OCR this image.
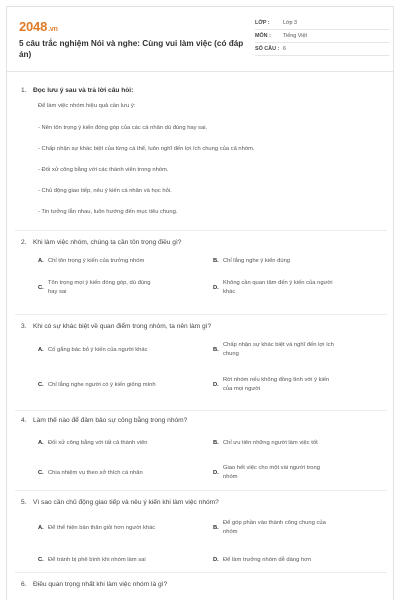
2048.vn
5 câu trắc nghiệm Nói và nghe: Cùng vui làm việc (có đáp án)
LỚP :	Lớp 3
MÔN :	Tiếng Việt
SỐ CÂU : 6
1. Đọc lưu ý sau và trả lời câu hỏi:
Để làm việc nhóm hiệu quả cần lưu ý:
- Nên tôn trọng ý kiến đóng góp của các cá nhân dù đúng hay sai.
- Chấp nhận sự khác biệt của từng cá thể, luôn nghĩ đến lợi ích chung của cả nhóm.
- Đối xử công bằng với các thành viên trong nhóm.
- Chủ động giao tiếp, nêu ý kiến cá nhân và học hỏi.
- Tin tưởng lẫn nhau, luôn hướng đến mục tiêu chung.
2. Khi làm việc nhóm, chúng ta cần tôn trọng điều gì?
A. Chỉ tôn trọng ý kiến của trưởng nhóm	B. Chỉ lắng nghe ý kiến đúng
C.
Tôn trọng mọi ý kiến đóng góp, dù đúng
hay sai
D.
Không cần quan tâm đến ý kiến của người
khác
3. Khi có sự khác biệt về quan điểm trong nhóm, ta nên làm gì?
A. Cố gắng bác bỏ ý kiến của người khác	B.
Chấp nhận sự khác biệt và nghĩ đến lợi ích
chung
C. Chỉ lắng nghe người có ý kiến giống mình	D.
Rời nhóm nếu không đồng tình với ý kiến
của mọi người
4. Làm thế nào để đảm bảo sự công bằng trong nhóm?
A. Đối xử công bằng với tất cả thành viên	B. Chỉ ưu tiên những người làm việc tốt
C. Chia nhiệm vụ theo sở thích cá nhân	D.
Giao hết việc cho một vài người trong
nhóm
5. Vì sao cần chủ động giao tiếp và nêu ý kiến khi làm việc nhóm?
A. Để thể hiện bản thân giỏi hơn người khác	B.
Để góp phần vào thành công chung của
nhóm
C. Để tránh bị phê bình khi nhóm làm sai	D. Để làm trưởng nhóm dễ dàng hơn
6. Điều quan trọng nhất khi làm việc nhóm là gì?
